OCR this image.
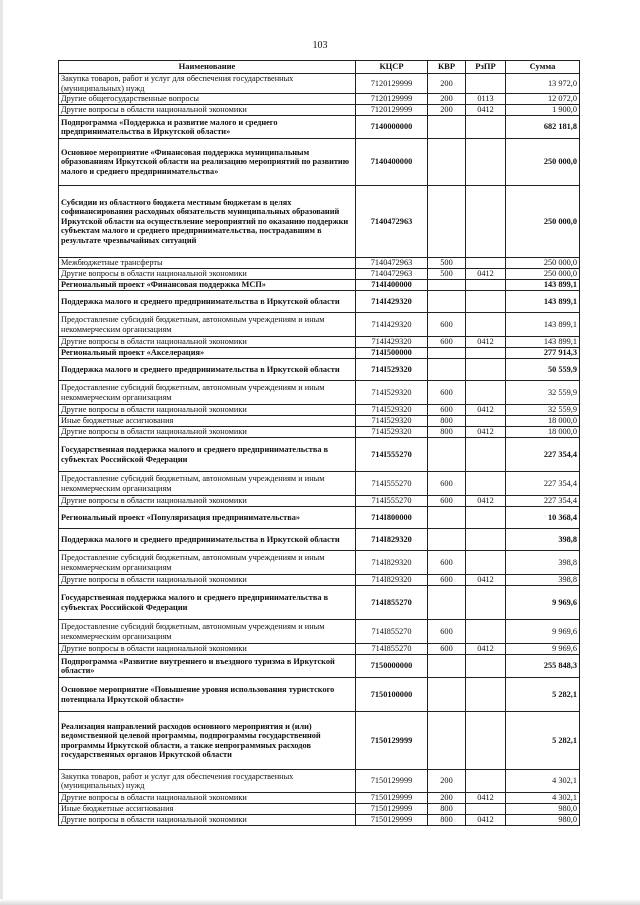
103
Наименование	КЦСР	КВР	РзПР	Сумма
Закупка товаров, работ и услуг для обеспечения государственных (муниципальных) нужд	7120129999	200		13 972,0
Другие общегосударственные вопросы	7120129999	200	0113	12 072,0
Другие вопросы в области национальной экономики	7120129999	200	0412	1 900,0
Подпрограмма «Поддержка и развитие малого и среднего предпринимательства в Иркутской области»	7140000000			682 181,8
Основное мероприятие «Финансовая поддержка муниципальным образованиям Иркутской области на реализацию мероприятий по развитию малого и среднего предпринимательства»	7140400000			250 000,0
Субсидии из областного бюджета местным бюджетам в целях софинансирования расходных обязательств муниципальных образований Иркутской области на осуществление мероприятий по оказанию поддержки субъектам малого и среднего предпринимательства, пострадавшим в результате чрезвычайных ситуаций	7140472963			250 000,0
Межбюджетные трансферты	7140472963	500		250 000,0
Другие вопросы в области национальной экономики	7140472963	500	0412	250 000,0
Региональный проект «Финансовая поддержка МСП»	714I400000			143 899,1
Поддержка малого и среднего предпринимательства в Иркутской области	714I429320			143 899,1
Предоставление субсидий бюджетным, автономным учреждениям и иным некоммерческим организациям	714I429320	600		143 899,1
Другие вопросы в области национальной экономики	714I429320	600	0412	143 899,1
Региональный проект «Акселерация»	714I500000			277 914,3
Поддержка малого и среднего предпринимательства в Иркутской области	714I529320			50 559,9
Предоставление субсидий бюджетным, автономным учреждениям и иным некоммерческим организациям	714I529320	600		32 559,9
Другие вопросы в области национальной экономики	714I529320	600	0412	32 559,9
Иные бюджетные ассигнования	714I529320	800		18 000,0
Другие вопросы в области национальной экономики	714I529320	800	0412	18 000,0
Государственная поддержка малого и среднего предпринимательства в субъектах Российской Федерации	714I555270			227 354,4
Предоставление субсидий бюджетным, автономным учреждениям и иным некоммерческим организациям	714I555270	600		227 354,4
Другие вопросы в области национальной экономики	714I555270	600	0412	227 354,4
Региональный проект «Популяризация предпринимательства»	714I800000			10 368,4
Поддержка малого и среднего предпринимательства в Иркутской области	714I829320			398,8
Предоставление субсидий бюджетным, автономным учреждениям и иным некоммерческим организациям	714I829320	600		398,8
Другие вопросы в области национальной экономики	714I829320	600	0412	398,8
Государственная поддержка малого и среднего предпринимательства в субъектах Российской Федерации	714I855270			9 969,6
Предоставление субсидий бюджетным, автономным учреждениям и иным некоммерческим организациям	714I855270	600		9 969,6
Другие вопросы в области национальной экономики	714I855270	600	0412	9 969,6
Подпрограмма «Развитие внутреннего и въездного туризма в Иркутской области»	7150000000			255 848,3
Основное мероприятие «Повышение уровня использования туристского потенциала Иркутской области»	7150100000			5 282,1
Реализация направлений расходов основного мероприятия и (или) ведомственной целевой программы, подпрограммы государственной программы Иркутской области, а также непрограммных расходов государственных органов Иркутской области	7150129999			5 282,1
Закупка товаров, работ и услуг для обеспечения государственных (муниципальных) нужд	7150129999	200		4 302,1
Другие вопросы в области национальной экономики	7150129999	200	0412	4 302,1
Иные бюджетные ассигнования	7150129999	800		980,0
Другие вопросы в области национальной экономики	7150129999	800	0412	980,0
